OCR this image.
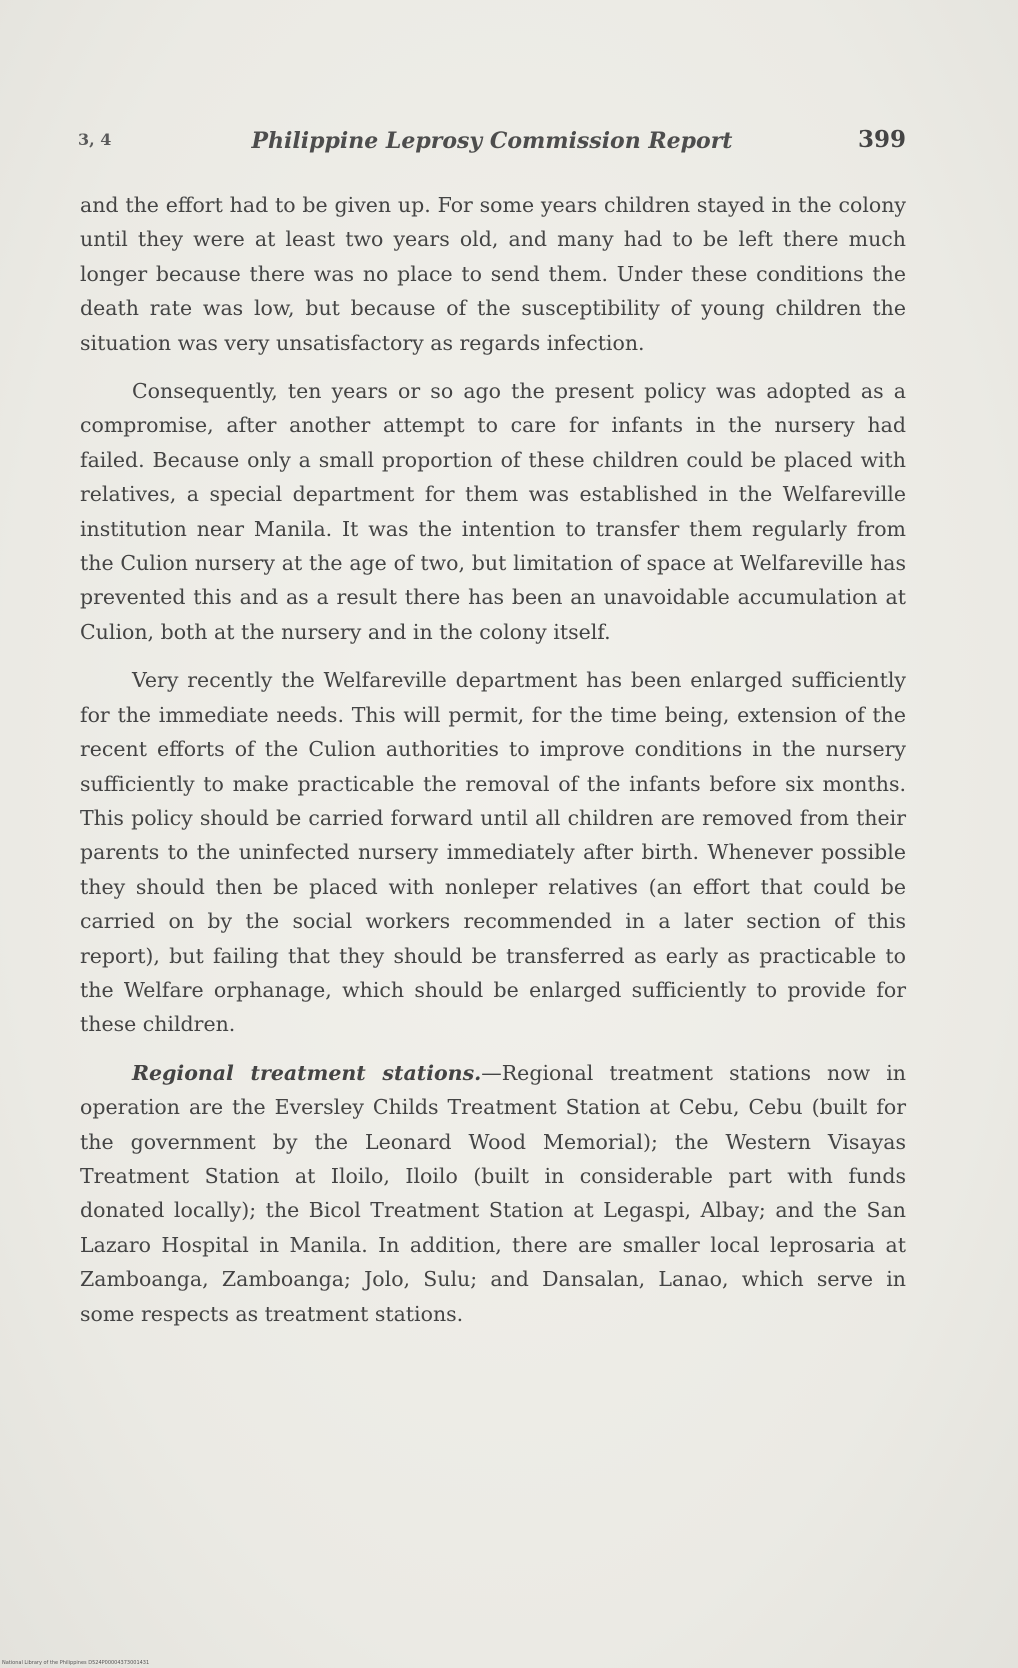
3, 4	Philippine Leprosy Commission Report	399

and the effort had to be given up. For some years children stayed in the colony until they were at least two years old, and many had to be left there much longer because there was no place to send them. Under these conditions the death rate was low, but because of the susceptibility of young children the situation was very unsatisfactory as regards infection.

Consequently, ten years or so ago the present policy was adopted as a compromise, after another attempt to care for infants in the nursery had failed. Because only a small proportion of these children could be placed with relatives, a special department for them was established in the Welfareville institution near Manila. It was the intention to transfer them regularly from the Culion nursery at the age of two, but limitation of space at Welfareville has prevented this and as a result there has been an unavoidable accumulation at Culion, both at the nursery and in the colony itself.

Very recently the Welfareville department has been enlarged sufficiently for the immediate needs. This will permit, for the time being, extension of the recent efforts of the Culion authorities to improve conditions in the nursery sufficiently to make practicable the removal of the infants before six months. This policy should be carried forward until all children are removed from their parents to the uninfected nursery immediately after birth. Whenever possible they should then be placed with nonleper relatives (an effort that could be carried on by the social workers recommended in a later section of this report), but failing that they should be transferred as early as practicable to the Welfare orphanage, which should be enlarged sufficiently to provide for these children.

Regional treatment stations.—Regional treatment stations now in operation are the Eversley Childs Treatment Station at Cebu, Cebu (built for the government by the Leonard Wood Memorial); the Western Visayas Treatment Station at Iloilo, Iloilo (built in considerable part with funds donated locally); the Bicol Treatment Station at Legaspi, Albay; and the San Lazaro Hospital in Manila. In addition, there are smaller local leprosaria at Zamboanga, Zamboanga; Jolo, Sulu; and Dansalan, Lanao, which serve in some respects as treatment stations.

National Library of the Philippines D524P00004373001431
